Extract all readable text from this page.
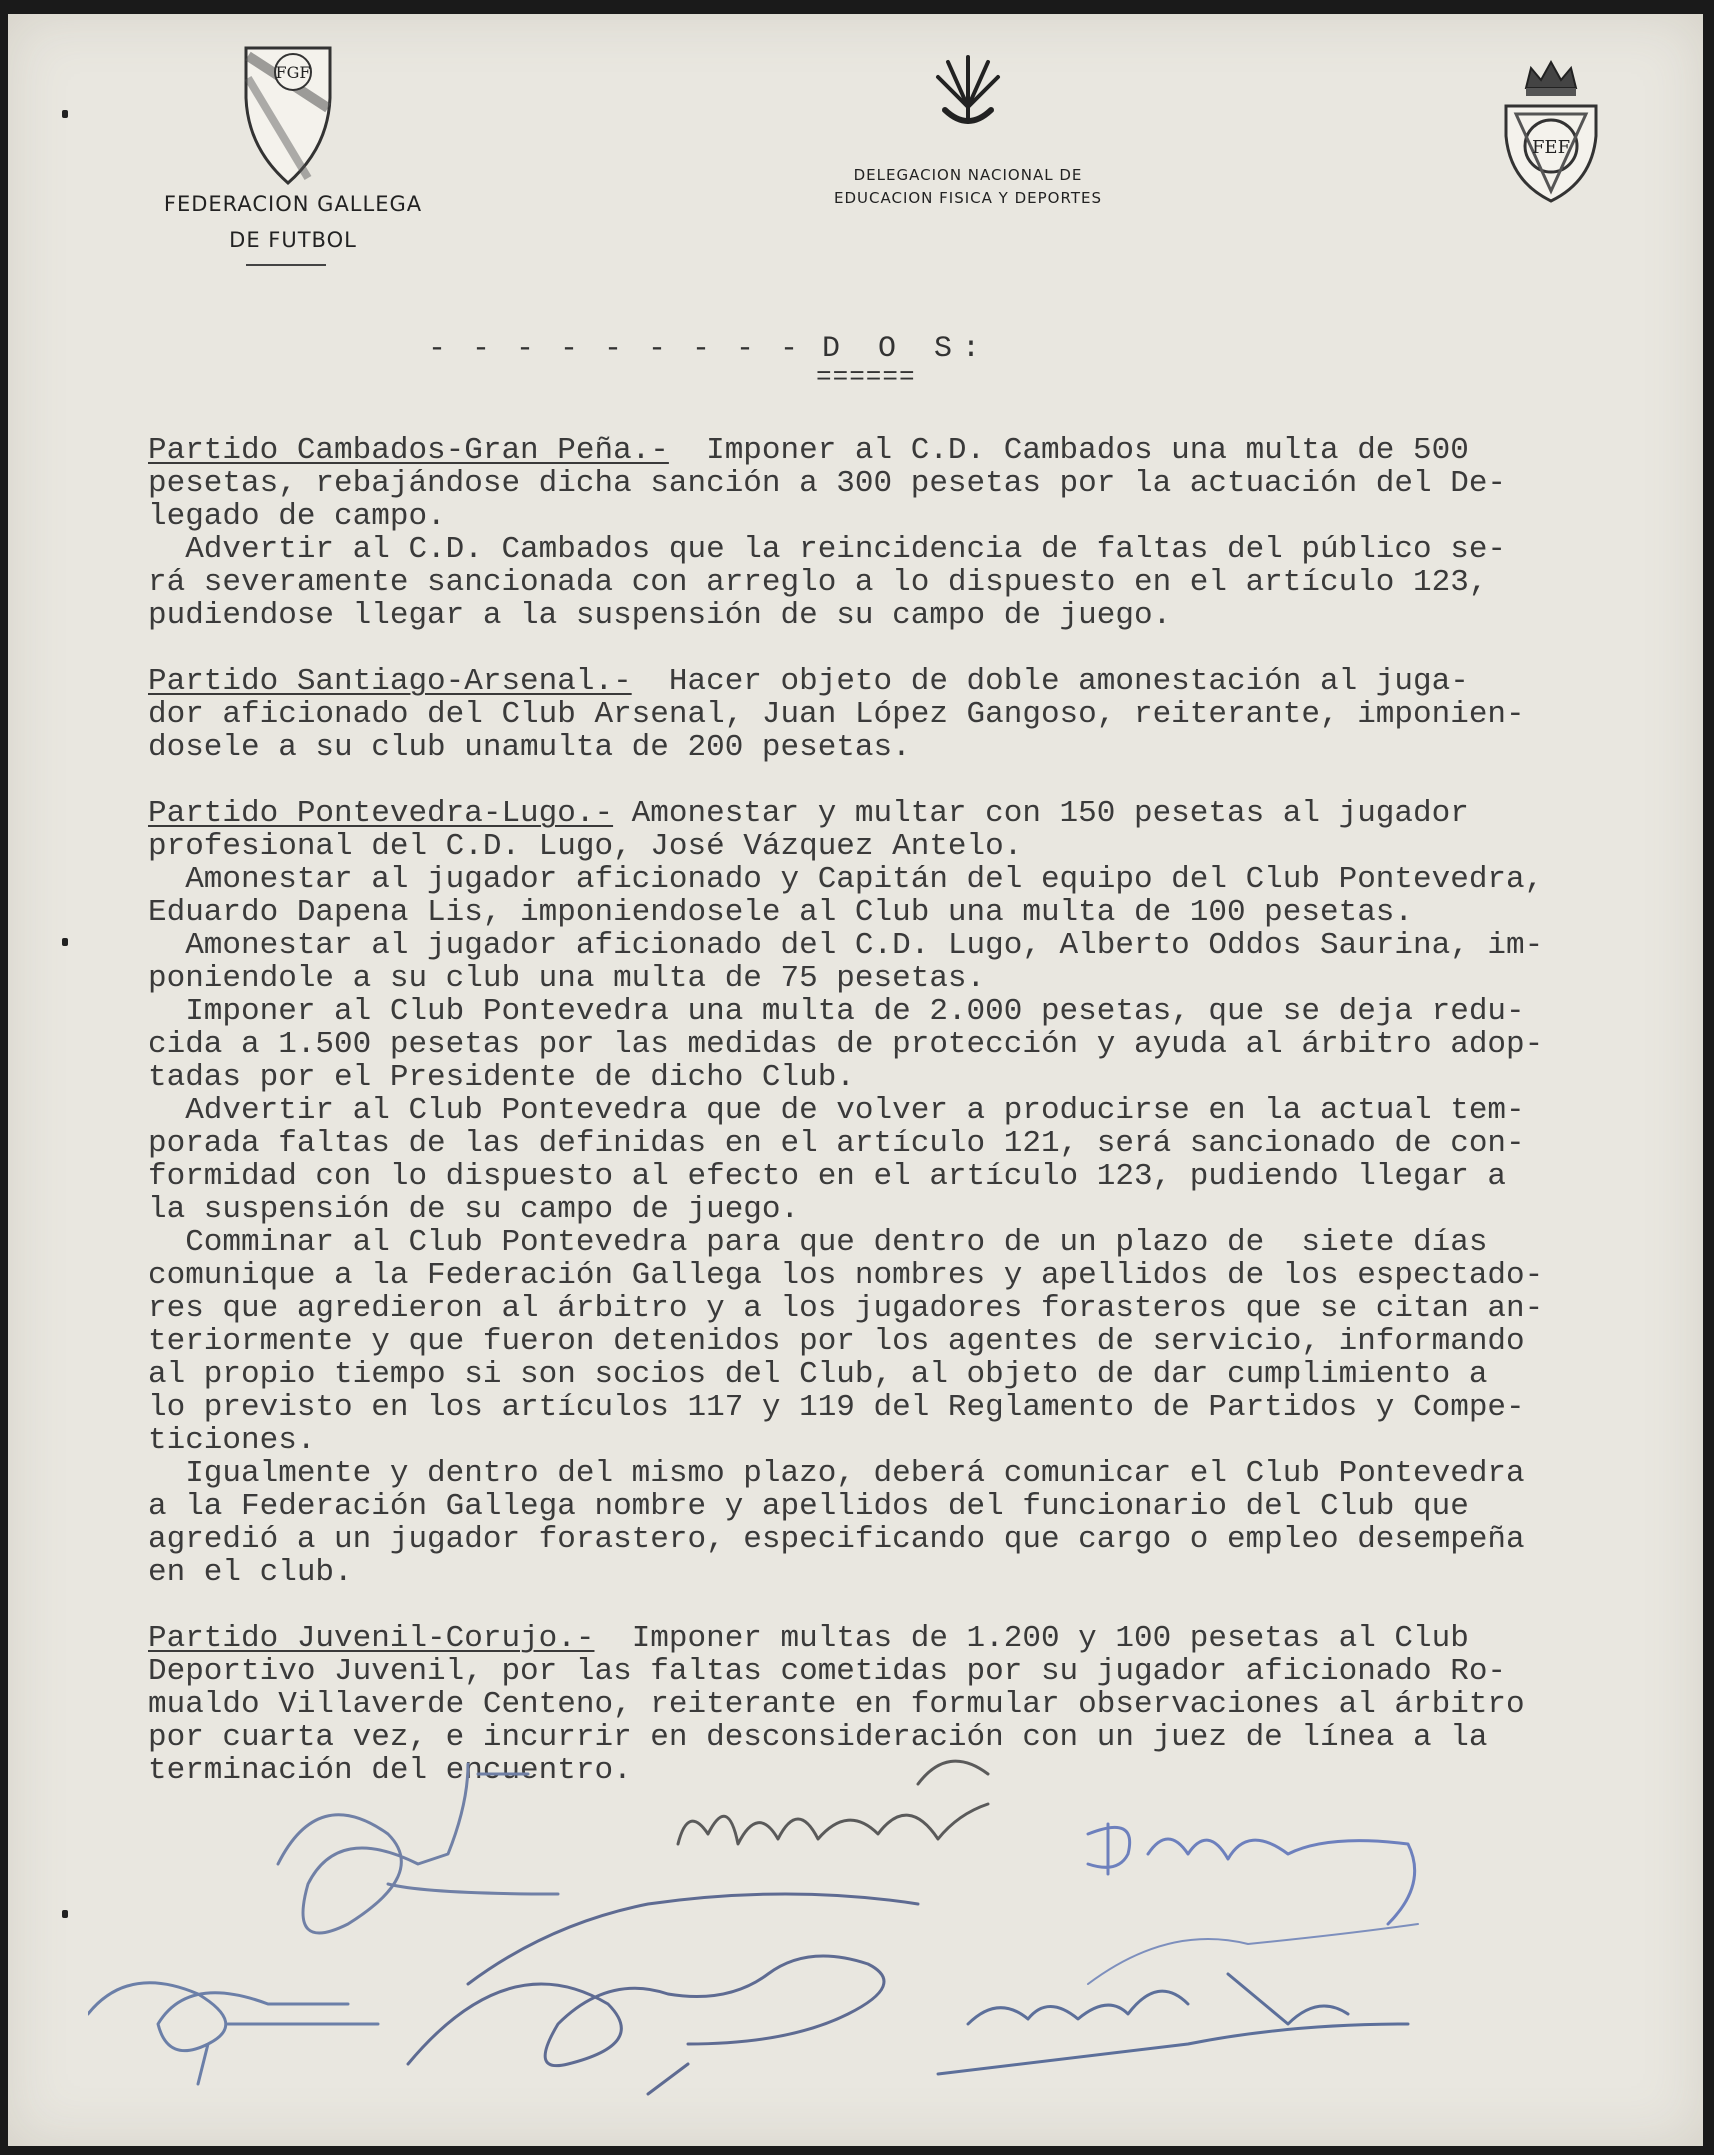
FGF
FEDERACION GALLEGA
DE FUTBOL
DELEGACION NACIONAL DE
EDUCACION FISICA Y DEPORTES
FEF
- - - - - - - - - D O S:
======
Partido Cambados-Gran Peña.-  Imponer al C.D. Cambados una multa de 500
pesetas, rebajándose dicha sanción a 300 pesetas por la actuación del De-
legado de campo.
Advertir al C.D. Cambados que la reincidencia de faltas del público se-
rá severamente sancionada con arreglo a lo dispuesto en el artículo 123,
pudiendose llegar a la suspensión de su campo de juego.
Partido Santiago-Arsenal.-  Hacer objeto de doble amonestación al juga-
dor aficionado del Club Arsenal, Juan López Gangoso, reiterante, imponien-
dosele a su club unamulta de 200 pesetas.
Partido Pontevedra-Lugo.- Amonestar y multar con 150 pesetas al jugador
profesional del C.D. Lugo, José Vázquez Antelo.
Amonestar al jugador aficionado y Capitán del equipo del Club Pontevedra,
Eduardo Dapena Lis, imponiendosele al Club una multa de 100 pesetas.
Amonestar al jugador aficionado del C.D. Lugo, Alberto Oddos Saurina, im-
poniendole a su club una multa de 75 pesetas.
Imponer al Club Pontevedra una multa de 2.000 pesetas, que se deja redu-
cida a 1.500 pesetas por las medidas de protección y ayuda al árbitro adop-
tadas por el Presidente de dicho Club.
Advertir al Club Pontevedra que de volver a producirse en la actual tem-
porada faltas de las definidas en el artículo 121, será sancionado de con-
formidad con lo dispuesto al efecto en el artículo 123, pudiendo llegar a
la suspensión de su campo de juego.
Comminar al Club Pontevedra para que dentro de un plazo de  siete días
comunique a la Federación Gallega los nombres y apellidos de los espectado-
res que agredieron al árbitro y a los jugadores forasteros que se citan an-
teriormente y que fueron detenidos por los agentes de servicio, informando
al propio tiempo si son socios del Club, al objeto de dar cumplimiento a
lo previsto en los artículos 117 y 119 del Reglamento de Partidos y Compe-
ticiones.
Igualmente y dentro del mismo plazo, deberá comunicar el Club Pontevedra
a la Federación Gallega nombre y apellidos del funcionario del Club que
agredió a un jugador forastero, especificando que cargo o empleo desempeña
en el club.
Partido Juvenil-Corujo.-  Imponer multas de 1.200 y 100 pesetas al Club
Deportivo Juvenil, por las faltas cometidas por su jugador aficionado Ro-
mualdo Villaverde Centeno, reiterante en formular observaciones al árbitro
por cuarta vez, e incurrir en desconsideración con un juez de línea a la
terminación del encuentro.
